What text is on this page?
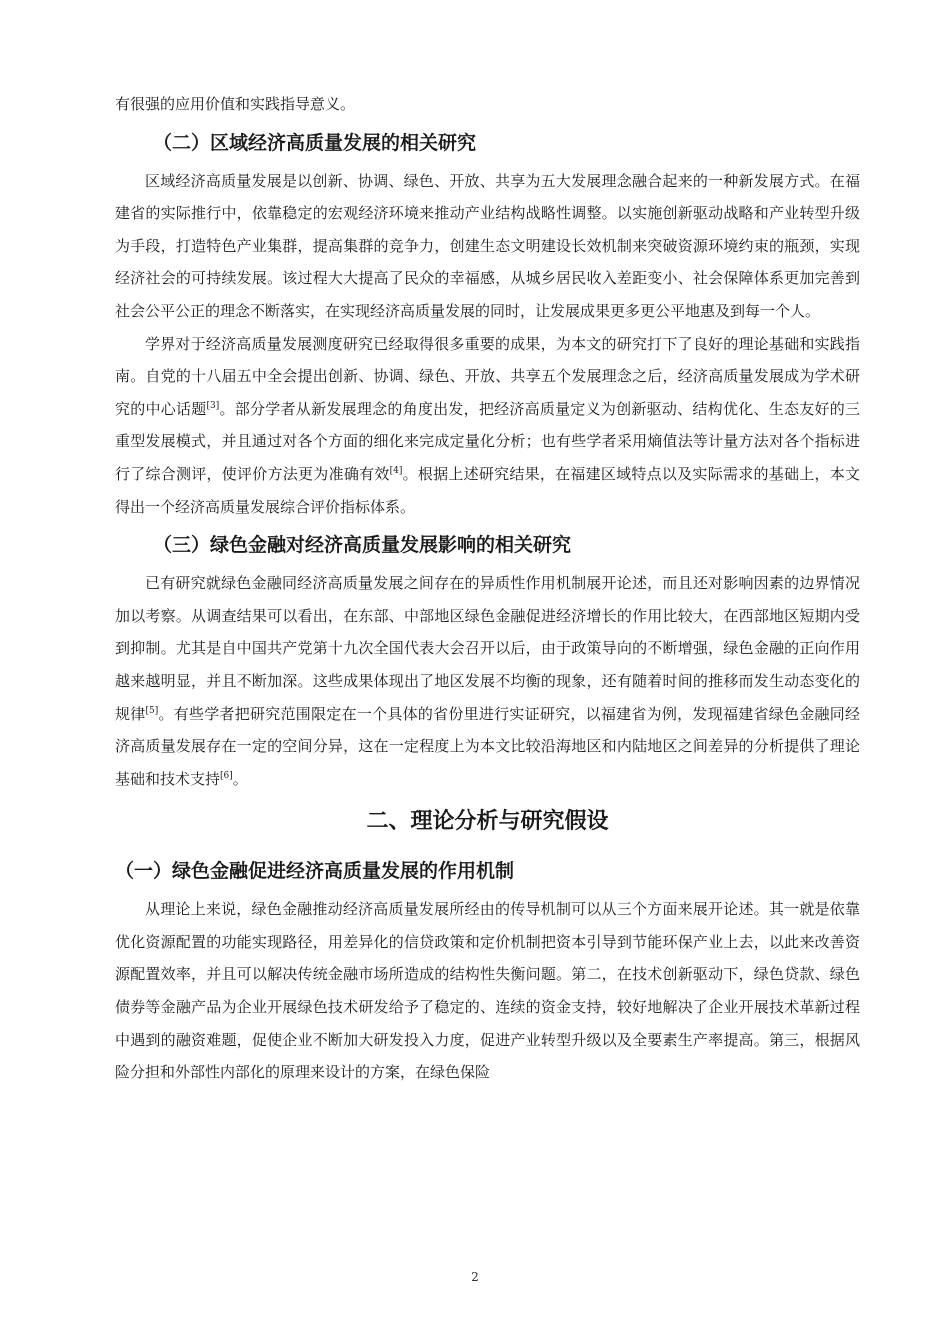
有很强的应用价值和实践指导意义。

（二）区域经济高质量发展的相关研究

区域经济高质量发展是以创新、协调、绿色、开放、共享为五大发展理念融合起来的一种新发展方式。在福建省的实际推行中，依靠稳定的宏观经济环境来推动产业结构战略性调整。以实施创新驱动战略和产业转型升级为手段，打造特色产业集群，提高集群的竞争力，创建生态文明建设长效机制来突破资源环境约束的瓶颈，实现经济社会的可持续发展。该过程大大提高了民众的幸福感，从城乡居民收入差距变小、社会保障体系更加完善到社会公平公正的理念不断落实，在实现经济高质量发展的同时，让发展成果更多更公平地惠及到每一个人。

学界对于经济高质量发展测度研究已经取得很多重要的成果，为本文的研究打下了良好的理论基础和实践指南。自党的十八届五中全会提出创新、协调、绿色、开放、共享五个发展理念之后，经济高质量发展成为学术研究的中心话题[3]。部分学者从新发展理念的角度出发，把经济高质量定义为创新驱动、结构优化、生态友好的三重型发展模式，并且通过对各个方面的细化来完成定量化分析；也有些学者采用熵值法等计量方法对各个指标进行了综合测评，使评价方法更为准确有效[4]。根据上述研究结果，在福建区域特点以及实际需求的基础上，本文得出一个经济高质量发展综合评价指标体系。

（三）绿色金融对经济高质量发展影响的相关研究

已有研究就绿色金融同经济高质量发展之间存在的异质性作用机制展开论述，而且还对影响因素的边界情况加以考察。从调查结果可以看出，在东部、中部地区绿色金融促进经济增长的作用比较大，在西部地区短期内受到抑制。尤其是自中国共产党第十九次全国代表大会召开以后，由于政策导向的不断增强，绿色金融的正向作用越来越明显，并且不断加深。这些成果体现出了地区发展不均衡的现象，还有随着时间的推移而发生动态变化的规律[5]。有些学者把研究范围限定在一个具体的省份里进行实证研究，以福建省为例，发现福建省绿色金融同经济高质量发展存在一定的空间分异，这在一定程度上为本文比较沿海地区和内陆地区之间差异的分析提供了理论基础和技术支持[6]。

二、理论分析与研究假设
（一）绿色金融促进经济高质量发展的作用机制

从理论上来说，绿色金融推动经济高质量发展所经由的传导机制可以从三个方面来展开论述。其一就是依靠优化资源配置的功能实现路径，用差异化的信贷政策和定价机制把资本引导到节能环保产业上去，以此来改善资源配置效率，并且可以解决传统金融市场所造成的结构性失衡问题。第二，在技术创新驱动下，绿色贷款、绿色债券等金融产品为企业开展绿色技术研发给予了稳定的、连续的资金支持，较好地解决了企业开展技术革新过程中遇到的融资难题，促使企业不断加大研发投入力度，促进产业转型升级以及全要素生产率提高。第三，根据风险分担和外部性内部化的原理来设计的方案，在绿色保险

2
